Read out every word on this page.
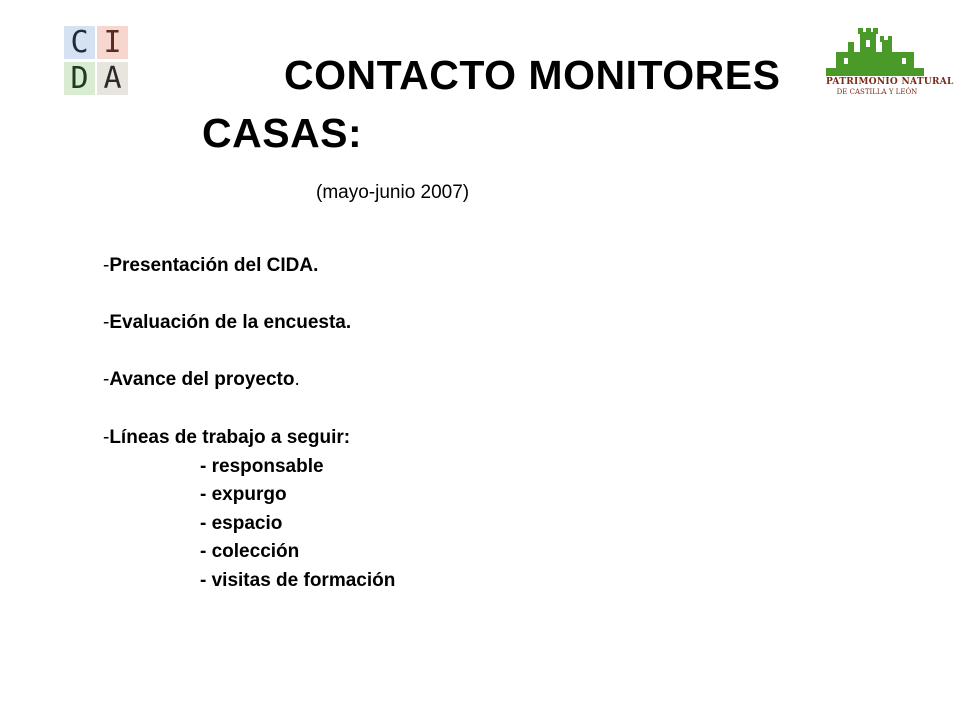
C I
D A	CONTACTO MONITORES
CASAS:
(mayo-junio 2007)
PATRIMONIO NATURAL
DE CASTILLA Y LEÓN
-Presentación del CIDA.
-Evaluación de la encuesta.
-Avance del proyecto.
-Líneas de trabajo a seguir:
- responsable
- expurgo
- espacio
- colección
- visitas de formación
